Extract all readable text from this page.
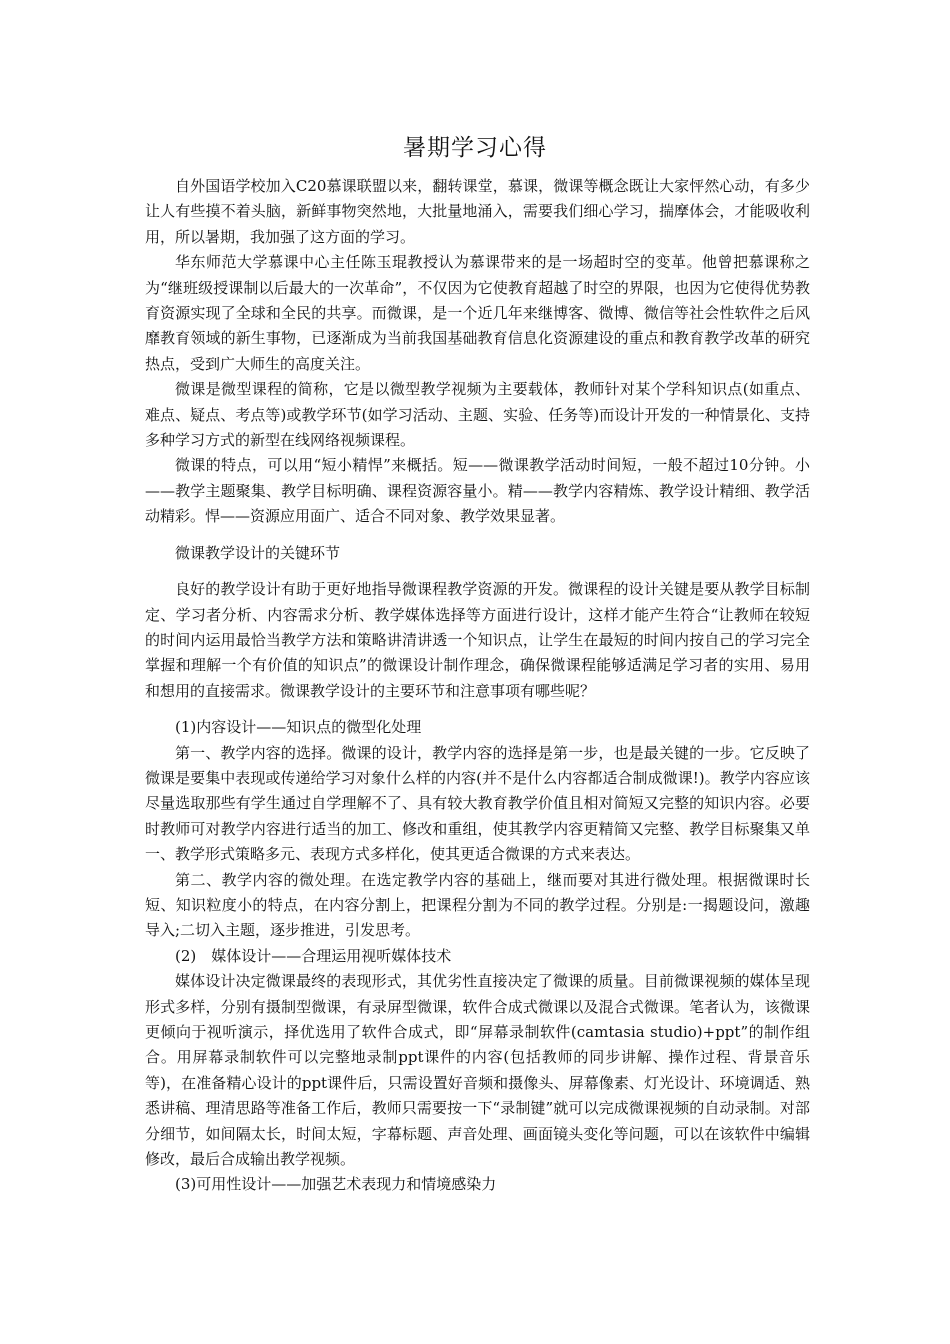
暑期学习心得

自外国语学校加入C20慕课联盟以来，翻转课堂，慕课，微课等概念既让大家怦然心动，有多少让人有些摸不着头脑，新鲜事物突然地，大批量地涌入，需要我们细心学习，揣摩体会，才能吸收利用，所以暑期，我加强了这方面的学习。

华东师范大学慕课中心主任陈玉琨教授认为慕课带来的是一场超时空的变革。他曾把慕课称之为“继班级授课制以后最大的一次革命”，不仅因为它使教育超越了时空的界限，也因为它使得优势教育资源实现了全球和全民的共享。而微课，是一个近几年来继博客、微博、微信等社会性软件之后风靡教育领域的新生事物，已逐渐成为当前我国基础教育信息化资源建设的重点和教育教学改革的研究热点，受到广大师生的高度关注。

微课是微型课程的简称，它是以微型教学视频为主要载体，教师针对某个学科知识点(如重点、难点、疑点、考点等)或教学环节(如学习活动、主题、实验、任务等)而设计开发的一种情景化、支持多种学习方式的新型在线网络视频课程。

微课的特点，可以用“短小精悍”来概括。短——微课教学活动时间短，一般不超过10分钟。小——教学主题聚集、教学目标明确、课程资源容量小。精——教学内容精炼、教学设计精细、教学活动精彩。悍——资源应用面广、适合不同对象、教学效果显著。

微课教学设计的关键环节

良好的教学设计有助于更好地指导微课程教学资源的开发。微课程的设计关键是要从教学目标制定、学习者分析、内容需求分析、教学媒体选择等方面进行设计，这样才能产生符合“让教师在较短的时间内运用最恰当教学方法和策略讲清讲透一个知识点，让学生在最短的时间内按自己的学习完全掌握和理解一个有价值的知识点”的微课设计制作理念，确保微课程能够适满足学习者的实用、易用和想用的直接需求。微课教学设计的主要环节和注意事项有哪些呢？

(1)内容设计——知识点的微型化处理

第一、教学内容的选择。微课的设计，教学内容的选择是第一步，也是最关键的一步。它反映了微课是要集中表现或传递给学习对象什么样的内容(并不是什么内容都适合制成微课!)。教学内容应该尽量选取那些有学生通过自学理解不了、具有较大教育教学价值且相对简短又完整的知识内容。必要时教师可对教学内容进行适当的加工、修改和重组，使其教学内容更精简又完整、教学目标聚集又单一、教学形式策略多元、表现方式多样化，使其更适合微课的方式来表达。

第二、教学内容的微处理。在选定教学内容的基础上，继而要对其进行微处理。根据微课时长短、知识粒度小的特点，在内容分割上，把课程分割为不同的教学过程。分别是:一揭题设问，激趣导入;二切入主题，逐步推进，引发思考。

(2)　媒体设计——合理运用视听媒体技术

媒体设计决定微课最终的表现形式，其优劣性直接决定了微课的质量。目前微课视频的媒体呈现形式多样，分别有摄制型微课，有录屏型微课，软件合成式微课以及混合式微课。笔者认为，该微课更倾向于视听演示，择优选用了软件合成式，即“屏幕录制软件(camtasia studio)+ppt”的制作组合。用屏幕录制软件可以完整地录制ppt课件的内容(包括教师的同步讲解、操作过程、背景音乐等)，在准备精心设计的ppt课件后，只需设置好音频和摄像头、屏幕像素、灯光设计、环境调适、熟悉讲稿、理清思路等准备工作后，教师只需要按一下“录制键”就可以完成微课视频的自动录制。对部分细节，如间隔太长，时间太短，字幕标题、声音处理、画面镜头变化等问题，可以在该软件中编辑修改，最后合成输出教学视频。

(3)可用性设计——加强艺术表现力和情境感染力
